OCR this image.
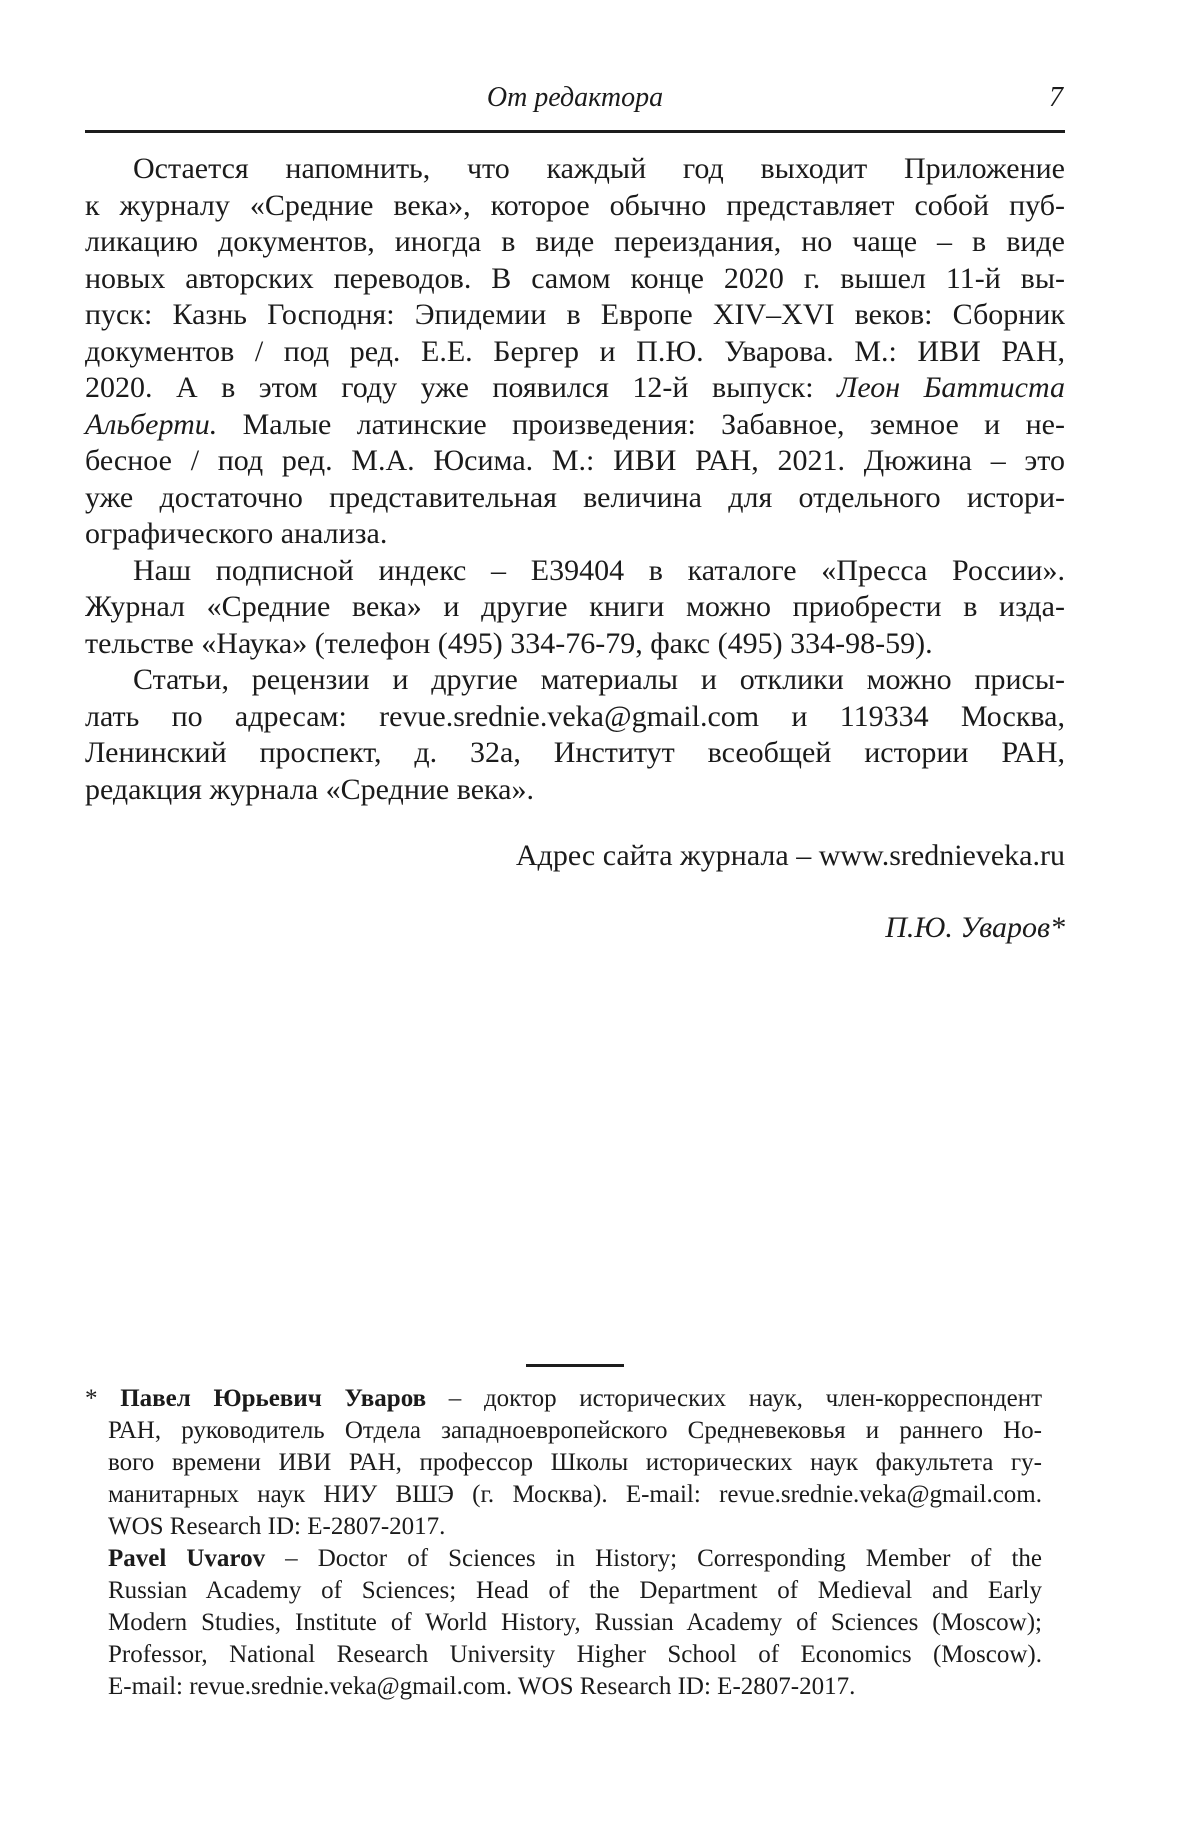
От редактора	7
Остается напомнить, что каждый год выходит Приложение
к журналу «Средние века», которое обычно представляет собой пуб-
ликацию документов, иногда в виде переиздания, но чаще – в виде
новых авторских переводов. В самом конце 2020 г. вышел 11-й вы-
пуск: Казнь Господня: Эпидемии в Европе XIV–XVI веков: Сборник
документов / под ред. Е.Е. Бергер и П.Ю. Уварова. М.: ИВИ РАН,
2020. А в этом году уже появился 12-й выпуск: Леон Баттиста
Альберти. Малые латинские произведения: Забавное, земное и не-
бесное / под ред. М.А. Юсима. М.: ИВИ РАН, 2021. Дюжина – это
уже достаточно представительная величина для отдельного истори-
ографического анализа.
Наш подписной индекс – Е39404 в каталоге «Пресса России».
Журнал «Средние века» и другие книги можно приобрести в изда-
тельстве «Наука» (телефон (495) 334-76-79, факс (495) 334-98-59).
Статьи, рецензии и другие материалы и отклики можно присы-
лать по адресам: revue.srednie.veka@gmail.com и 119334 Москва,
Ленинский проспект, д. 32а, Институт всеобщей истории РАН,
редакция журнала «Средние века».
Адрес сайта журнала – www.srednieveka.ru
П.Ю. Уваров*
* Павел Юрьевич Уваров – доктор исторических наук, член-корреспондент
РАН, руководитель Отдела западноевропейского Средневековья и раннего Но-
вого времени ИВИ РАН, профессор Школы исторических наук факультета гу-
манитарных наук НИУ ВШЭ (г. Москва). E-mail: revue.srednie.veka@gmail.com.
WOS Research ID: E-2807-2017.
Pavel Uvarov – Doctor of Sciences in History; Corresponding Member of the
Russian Academy of Sciences; Head of the Department of Medieval and Early
Modern Studies, Institute of World History, Russian Academy of Sciences (Moscow);
Professor, National Research University Higher School of Economics (Moscow).
E-mail: revue.srednie.veka@gmail.com. WOS Research ID: E-2807-2017.
